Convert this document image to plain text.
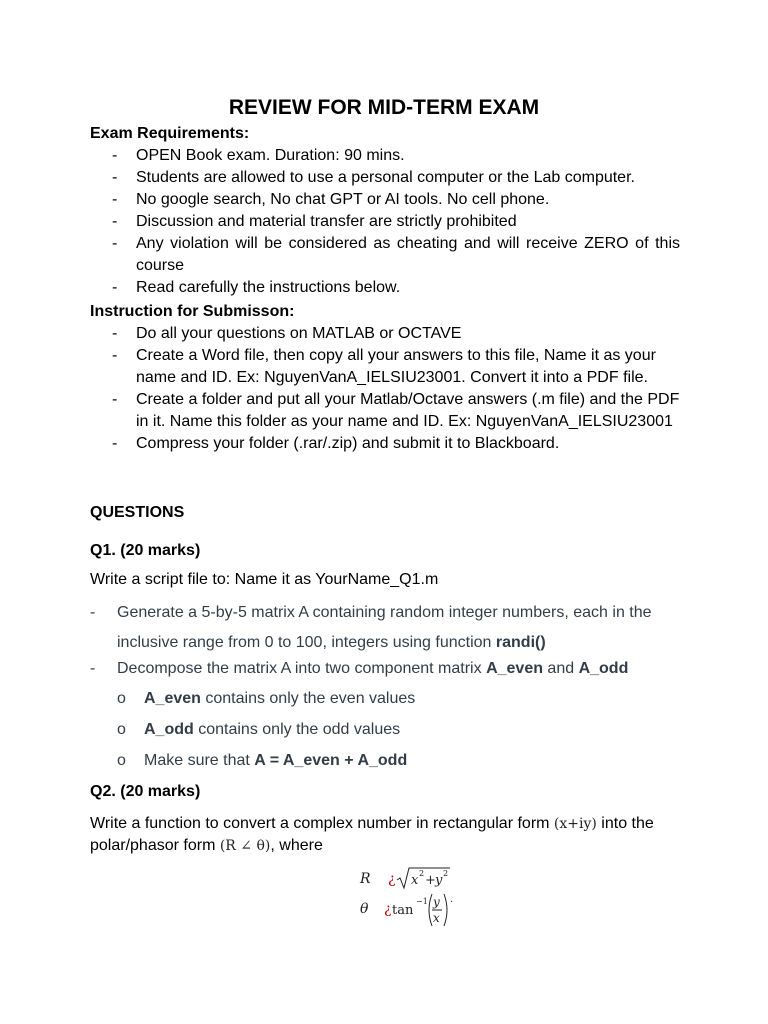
REVIEW FOR MID-TERM EXAM
Exam Requirements:
- OPEN Book exam. Duration: 90 mins.
- Students are allowed to use a personal computer or the Lab computer.
- No google search, No chat GPT or AI tools. No cell phone.
- Discussion and material transfer are strictly prohibited
- Any violation will be considered as cheating and will receive ZERO of this course
- Read carefully the instructions below.
Instruction for Submisson:
- Do all your questions on MATLAB or OCTAVE
- Create a Word file, then copy all your answers to this file, Name it as your name and ID. Ex: NguyenVanA_IELSIU23001. Convert it into a PDF file.
- Create a folder and put all your Matlab/Octave answers (.m file) and the PDF in it. Name this folder as your name and ID. Ex: NguyenVanA_IELSIU23001
- Compress your folder (.rar/.zip) and submit it to Blackboard.
QUESTIONS
Q1. (20 marks)
Write a script file to: Name it as YourName_Q1.m
-	Generate a 5-by-5 matrix A containing random integer numbers, each in the inclusive range from 0 to 100, integers using function randi()
-	Decompose the matrix A into two component matrix A_even and A_odd
o	A_even contains only the even values
o	A_odd contains only the odd values
o	Make sure that A = A_even + A_odd
Q2. (20 marks)
Write a function to convert a complex number in rectangular form (x+iy) into the polar/phasor form (R ∠ θ), where
R ¿ x 2 + y 2
θ ¿ tan
−1 y
x
.
